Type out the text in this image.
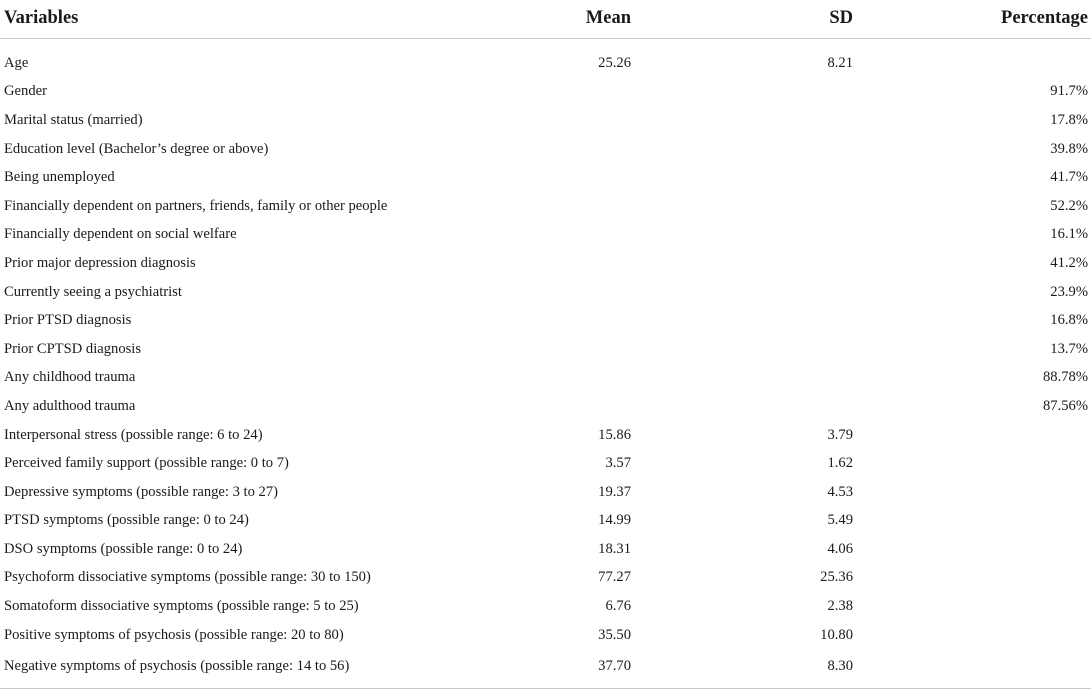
Variables	Mean	SD	Percentage

Age	25.26	8.21	
Gender			91.7%
Marital status (married)			17.8%
Education level (Bachelor’s degree or above)			39.8%
Being unemployed			41.7%
Financially dependent on partners, friends, family or other people			52.2%
Financially dependent on social welfare			16.1%
Prior major depression diagnosis			41.2%
Currently seeing a psychiatrist			23.9%
Prior PTSD diagnosis			16.8%
Prior CPTSD diagnosis			13.7%
Any childhood trauma			88.78%
Any adulthood trauma			87.56%
Interpersonal stress (possible range: 6 to 24)	15.86	3.79	
Perceived family support (possible range: 0 to 7)	3.57	1.62	
Depressive symptoms (possible range: 3 to 27)	19.37	4.53	
PTSD symptoms (possible range: 0 to 24)	14.99	5.49	
DSO symptoms (possible range: 0 to 24)	18.31	4.06	
Psychoform dissociative symptoms (possible range: 30 to 150)	77.27	25.36	
Somatoform dissociative symptoms (possible range: 5 to 25)	6.76	2.38	
Positive symptoms of psychosis (possible range: 20 to 80)	35.50	10.80	
Negative symptoms of psychosis (possible range: 14 to 56)	37.70	8.30	
